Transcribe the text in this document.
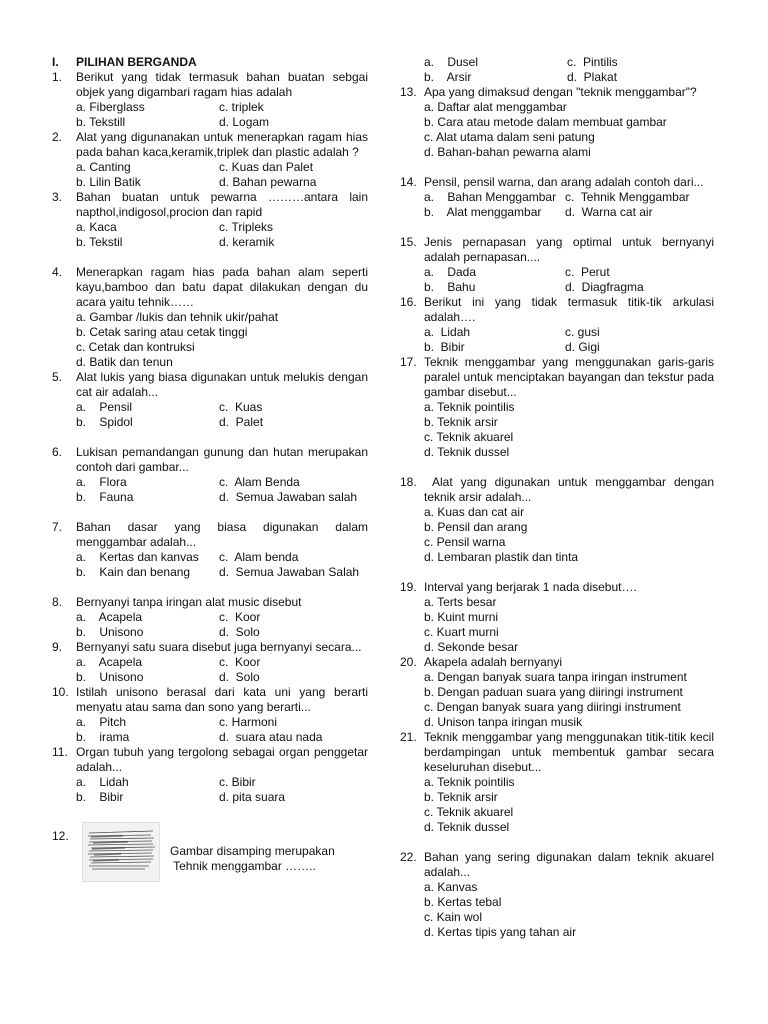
I.	PILIHAN BERGANDA
1.	Berikut yang tidak termasuk bahan buatan sebgai objek yang digambari ragam hias adalah
a. Fiberglass	c. triplek
b. Tekstill	d. Logam
2.	Alat yang digunanakan untuk menerapkan ragam hias pada bahan kaca,keramik,triplek dan plastic adalah ?
a. Canting	c. Kuas dan Palet
b. Lilin Batik	d. Bahan pewarna
3.	Bahan buatan untuk pewarna ………antara lain napthol,indigosol,procion dan rapid
a. Kaca	c. Tripleks
b. Tekstil	d. keramik
4.	Menerapkan ragam hias pada bahan alam seperti kayu,bamboo dan batu dapat dilakukan dengan du acara yaitu tehnik……
a. Gambar /lukis dan tehnik ukir/pahat
b. Cetak saring atau cetak tinggi
c. Cetak dan kontruksi
d. Batik dan tenun
5.	Alat lukis yang biasa digunakan untuk melukis dengan cat air adalah...
a.    Pensil	c.  Kuas
b.    Spidol	d.  Palet
6.	Lukisan pemandangan gunung dan hutan merupakan contoh dari gambar...
a.    Flora	c.  Alam Benda
b.    Fauna	d.  Semua Jawaban salah
7.	Bahan dasar yang biasa digunakan dalam menggambar adalah...
a.    Kertas dan kanvas	c.  Alam benda
b.    Kain dan benang	d.  Semua Jawaban Salah
8.	Bernyanyi tanpa iringan alat music disebut
a.    Acapela	c.  Koor
b.    Unisono	d.  Solo
9.	Bernyanyi satu suara disebut juga bernyanyi secara...
a.    Acapela	c.  Koor
b.    Unisono	d.  Solo
10. Istilah unisono berasal dari kata uni yang berarti menyatu atau sama dan sono yang berarti...
a.    Pitch	c. Harmoni
b.    irama	d.  suara atau nada
11. Organ tubuh yang tergolong sebagai organ penggetar adalah...
a.    Lidah	c. Bibir
b.    Bibir	d. pita suara
12.
Gambar disamping merupakan
Tehnik menggambar ……..
a.    Dusel	c.  Pintilis
b.    Arsir	d.  Plakat
13. Apa yang dimaksud dengan "teknik menggambar"?
a. Daftar alat menggambar
b. Cara atau metode dalam membuat gambar
c. Alat utama dalam seni patung
d. Bahan-bahan pewarna alami
14. Pensil, pensil warna, dan arang adalah contoh dari...
a.    Bahan Menggambar c.  Tehnik Menggambar
b.    Alat menggambar	d.  Warna cat air
15. Jenis pernapasan yang optimal untuk bernyanyi adalah pernapasan....
a.    Dada	c.  Perut
b.    Bahu	d.  Diagfragma
16. Berikut ini yang tidak termasuk titik-tik arkulasi adalah….
a.  Lidah	c. gusi
b.  Bibir	d. Gigi
17. Teknik menggambar yang menggunakan garis-garis paralel untuk menciptakan bayangan dan tekstur pada gambar disebut...
a. Teknik pointilis
b. Teknik arsir
c. Teknik akuarel
d. Teknik dussel
18. Alat yang digunakan untuk menggambar dengan teknik arsir adalah...
a. Kuas dan cat air
b. Pensil dan arang
c. Pensil warna
d. Lembaran plastik dan tinta
19. Interval yang berjarak 1 nada disebut….
a. Terts besar
b. Kuint murni
c. Kuart murni
d. Sekonde besar
20. Akapela adalah bernyanyi
a. Dengan banyak suara tanpa iringan instrument
b. Dengan paduan suara yang diiringi instrument
c. Dengan banyak suara yang diiringi instrument
d. Unison tanpa iringan musik
21. Teknik menggambar yang menggunakan titik-titik kecil berdampingan untuk membentuk gambar secara keseluruhan disebut...
a. Teknik pointilis
b. Teknik arsir
c. Teknik akuarel
d. Teknik dussel
22. Bahan yang sering digunakan dalam teknik akuarel adalah...
a. Kanvas
b. Kertas tebal
c. Kain wol
d. Kertas tipis yang tahan air
